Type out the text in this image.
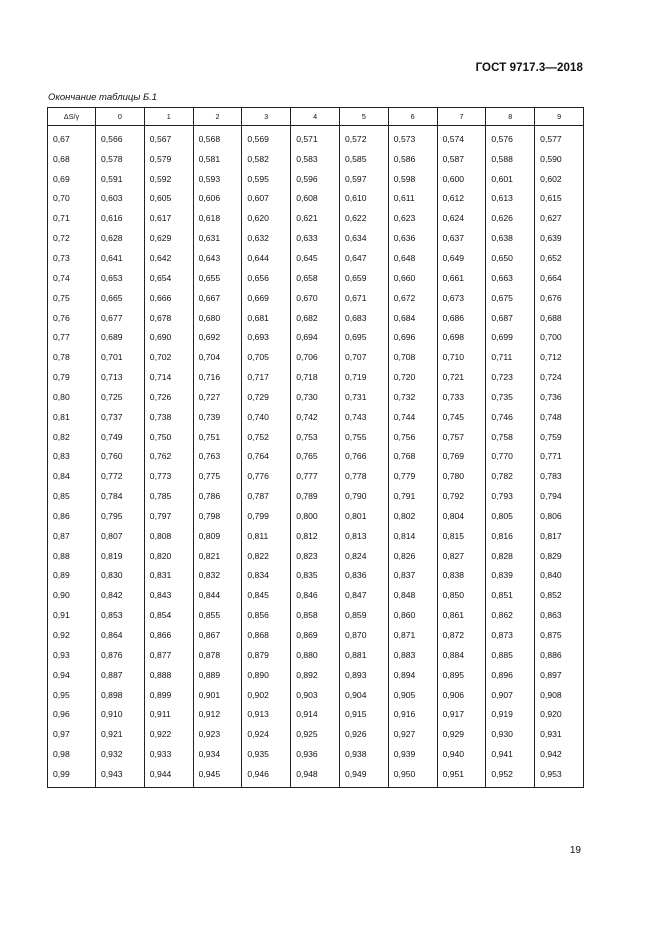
ГОСТ 9717.3—2018
Окончание таблицы Б.1
ΔS/γ	0	1	2	3	4	5	6	7	8	9
0,67	0,566	0,567	0,568	0,569	0,571	0,572	0,573	0,574	0,576	0,577
0,68	0,578	0,579	0,581	0,582	0,583	0,585	0,586	0,587	0,588	0,590
0,69	0,591	0,592	0,593	0,595	0,596	0,597	0,598	0,600	0,601	0,602
0,70	0,603	0,605	0,606	0,607	0,608	0,610	0,611	0,612	0,613	0,615
0,71	0,616	0,617	0,618	0,620	0,621	0,622	0,623	0,624	0,626	0,627
0,72	0,628	0,629	0,631	0,632	0,633	0,634	0,636	0,637	0,638	0,639
0,73	0,641	0,642	0,643	0,644	0,645	0,647	0,648	0,649	0,650	0,652
0,74	0,653	0,654	0,655	0,656	0,658	0,659	0,660	0,661	0,663	0,664
0,75	0,665	0,666	0,667	0,669	0,670	0,671	0,672	0,673	0,675	0,676
0,76	0,677	0,678	0,680	0,681	0,682	0,683	0,684	0,686	0,687	0,688
0,77	0,689	0,690	0,692	0,693	0,694	0,695	0,696	0,698	0,699	0,700
0,78	0,701	0,702	0,704	0,705	0,706	0,707	0,708	0,710	0,711	0,712
0,79	0,713	0,714	0,716	0,717	0,718	0,719	0,720	0,721	0,723	0,724
0,80	0,725	0,726	0,727	0,729	0,730	0,731	0,732	0,733	0,735	0,736
0,81	0,737	0,738	0,739	0,740	0,742	0,743	0,744	0,745	0,746	0,748
0,82	0,749	0,750	0,751	0,752	0,753	0,755	0,756	0,757	0,758	0,759
0,83	0,760	0,762	0,763	0,764	0,765	0,766	0,768	0,769	0,770	0,771
0,84	0,772	0,773	0,775	0,776	0,777	0,778	0,779	0,780	0,782	0,783
0,85	0,784	0,785	0,786	0,787	0,789	0,790	0,791	0,792	0,793	0,794
0,86	0,795	0,797	0,798	0,799	0,800	0,801	0,802	0,804	0,805	0,806
0,87	0,807	0,808	0,809	0,811	0,812	0,813	0,814	0,815	0,816	0,817
0,88	0,819	0,820	0,821	0,822	0,823	0,824	0,826	0,827	0,828	0,829
0,89	0,830	0,831	0,832	0,834	0,835	0,836	0,837	0,838	0,839	0,840
0,90	0,842	0,843	0,844	0,845	0,846	0,847	0,848	0,850	0,851	0,852
0,91	0,853	0,854	0,855	0,856	0,858	0,859	0,860	0,861	0,862	0,863
0,92	0,864	0,866	0,867	0,868	0,869	0,870	0,871	0,872	0,873	0,875
0,93	0,876	0,877	0,878	0,879	0,880	0,881	0,883	0,884	0,885	0,886
0,94	0,887	0,888	0,889	0,890	0,892	0,893	0,894	0,895	0,896	0,897
0,95	0,898	0,899	0,901	0,902	0,903	0,904	0,905	0,906	0,907	0,908
0,96	0,910	0,911	0,912	0,913	0,914	0,915	0,916	0,917	0,919	0,920
0,97	0,921	0,922	0,923	0,924	0,925	0,926	0,927	0,929	0,930	0,931
0,98	0,932	0,933	0,934	0,935	0,936	0,938	0,939	0,940	0,941	0,942
0,99	0,943	0,944	0,945	0,946	0,948	0,949	0,950	0,951	0,952	0,953
19
